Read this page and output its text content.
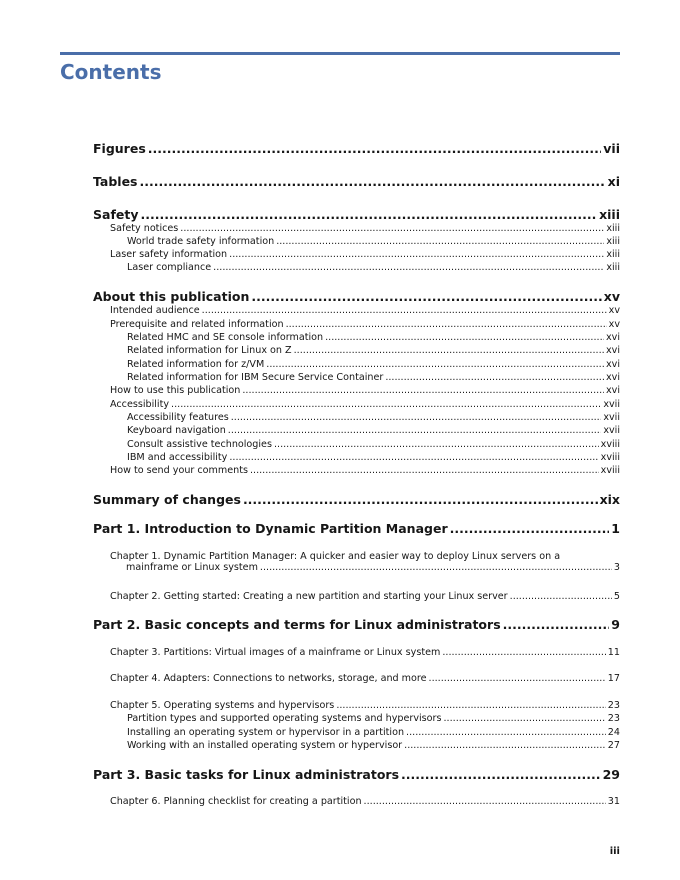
Contents
Figures .....	vii
Tables .....	xi
Safety .....	xiii
Safety notices .....	xiii
World trade safety information .....	xiii
Laser safety information .....	xiii
Laser compliance .....	xiii
About this publication .....	xv
Intended audience .....	xv
Prerequisite and related information .....	xv
Related HMC and SE console information .....	xvi
Related information for Linux on Z .....	xvi
Related information for z/VM .....	xvi
Related information for IBM Secure Service Container .....	xvi
How to use this publication .....	xvi
Accessibility .....	xvii
Accessibility features .....	xvii
Keyboard navigation .....	xvii
Consult assistive technologies .....	xviii
IBM and accessibility .....	xviii
How to send your comments .....	xviii
Summary of changes .....	xix
Part 1. Introduction to Dynamic Partition Manager .....	1
Chapter 1. Dynamic Partition Manager: A quicker and easier way to deploy Linux servers on a
mainframe or Linux system .....	3
Chapter 2. Getting started: Creating a new partition and starting your Linux server .....	5
Part 2. Basic concepts and terms for Linux administrators .....	9
Chapter 3. Partitions: Virtual images of a mainframe or Linux system .....	11
Chapter 4. Adapters: Connections to networks, storage, and more .....	17
Chapter 5. Operating systems and hypervisors .....	23
Partition types and supported operating systems and hypervisors .....	23
Installing an operating system or hypervisor in a partition .....	24
Working with an installed operating system or hypervisor .....	27
Part 3. Basic tasks for Linux administrators .....	29
Chapter 6. Planning checklist for creating a partition .....	31
iii
